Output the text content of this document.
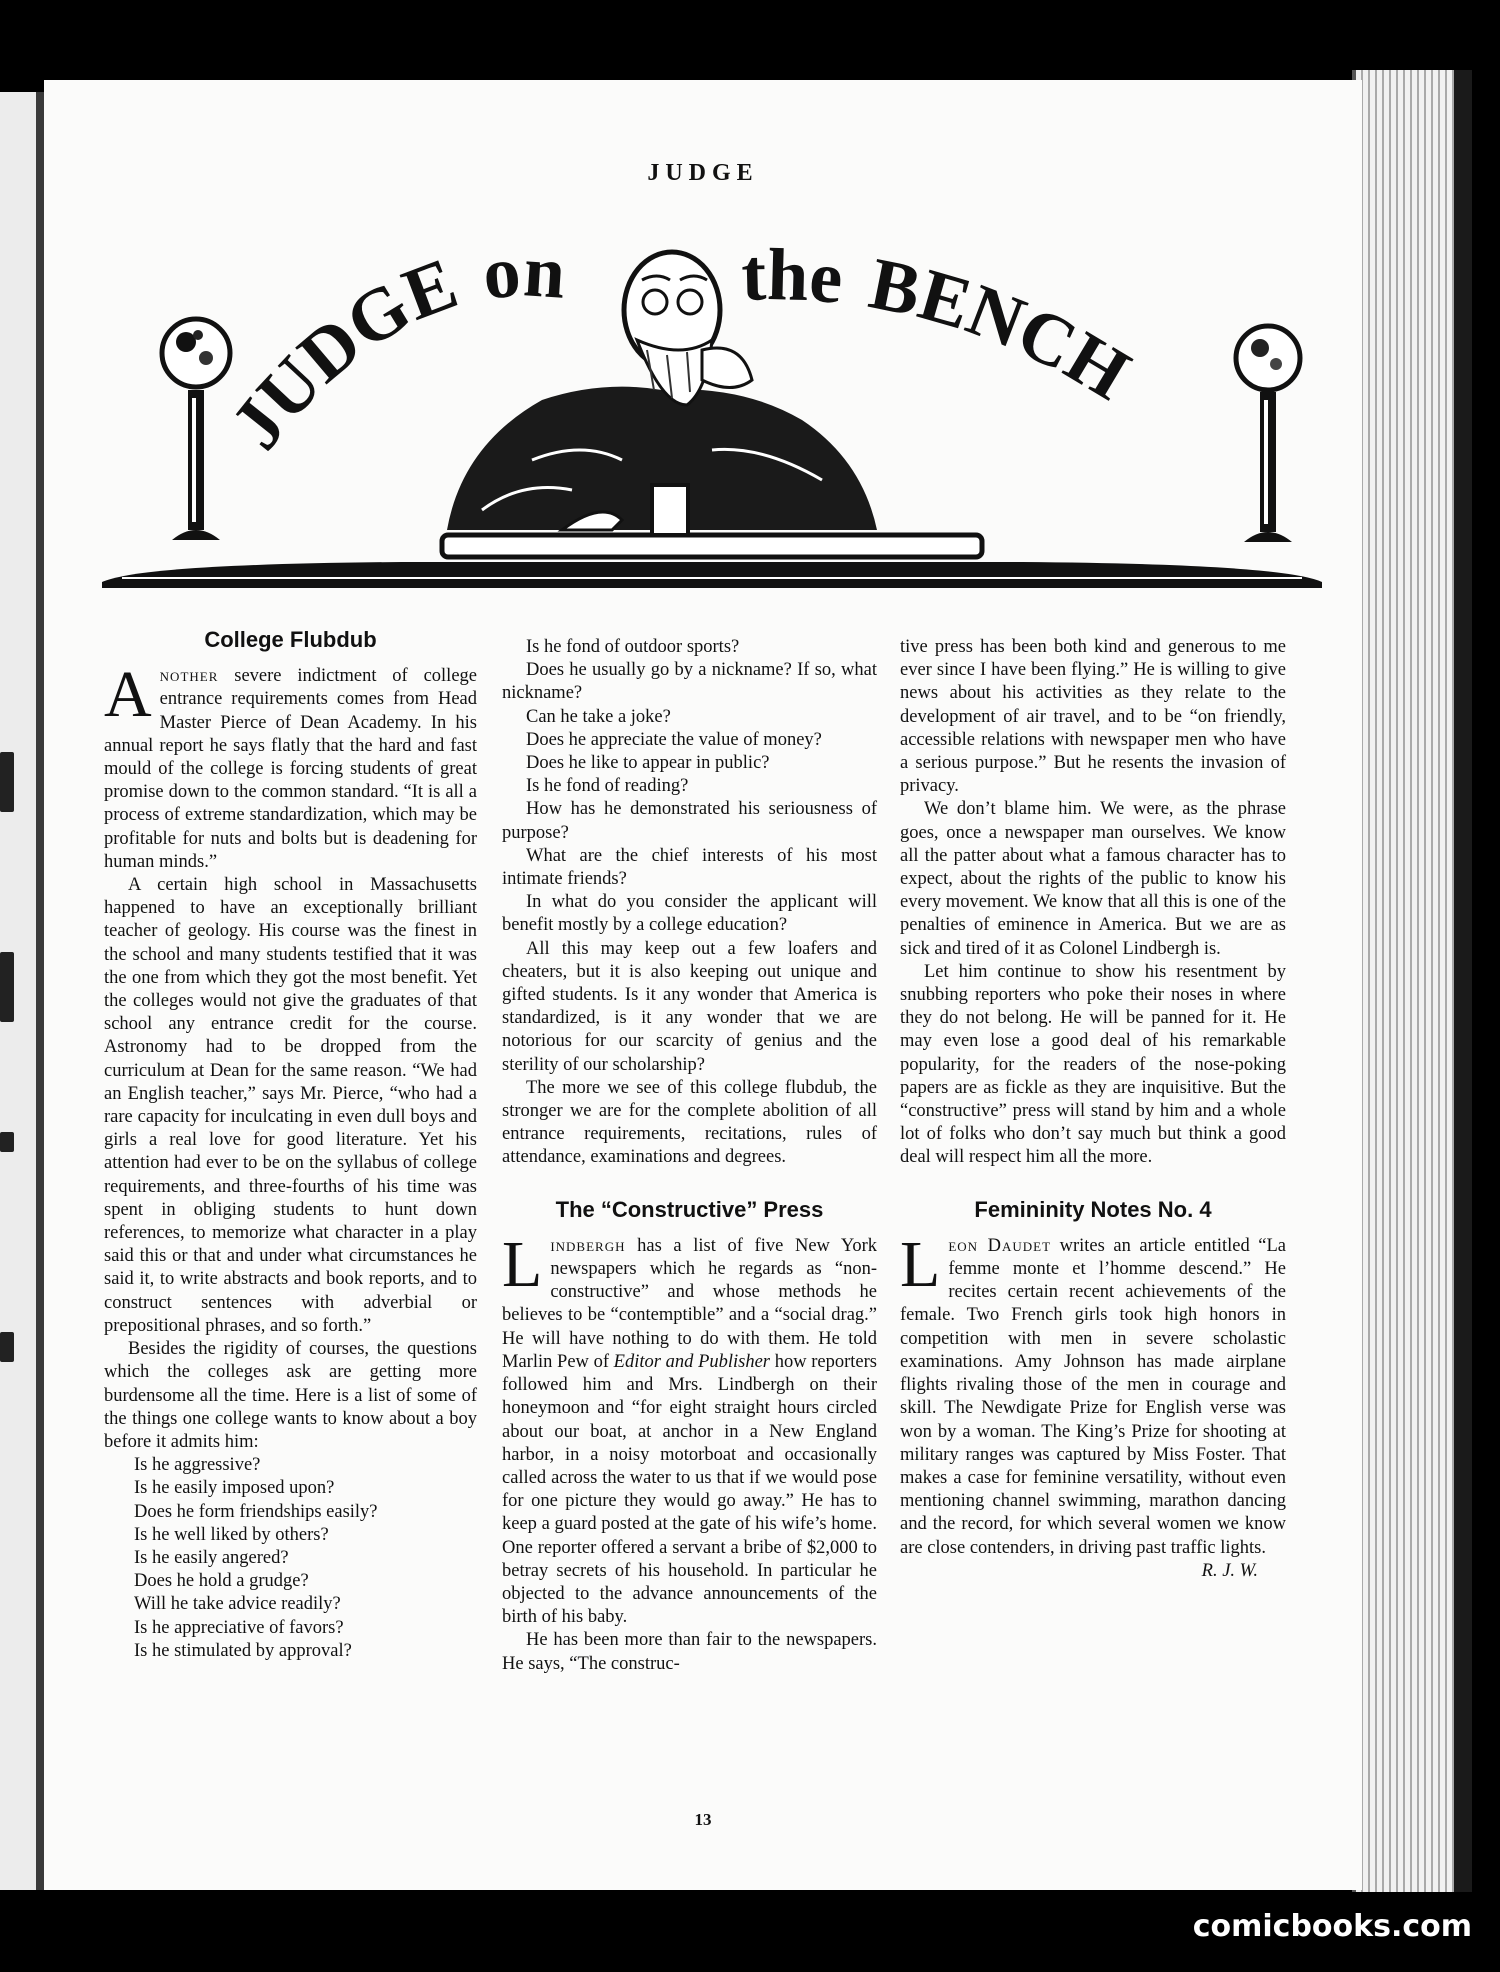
JUDGE
JUDGE on the BENCH
College Flubdub

Another severe indictment of college entrance requirements comes from Head Master Pierce of Dean Academy. In his annual report he says flatly that the hard and fast mould of the college is forcing students of great promise down to the common standard. “It is all a process of extreme standardization, which may be profitable for nuts and bolts but is deadening for human minds.”

A certain high school in Massachusetts happened to have an exceptionally brilliant teacher of geology. His course was the finest in the school and many students testified that it was the one from which they got the most benefit. Yet the colleges would not give the graduates of that school any entrance credit for the course. Astronomy had to be dropped from the curriculum at Dean for the same reason. “We had an English teacher,” says Mr. Pierce, “who had a rare capacity for inculcating in even dull boys and girls a real love for good literature. Yet his attention had ever to be on the syllabus of college requirements, and three-fourths of his time was spent in obliging students to hunt down references, to memorize what character in a play said this or that and under what circumstances he said it, to write abstracts and book reports, and to construct sentences with adverbial or prepositional phrases, and so forth.”

Besides the rigidity of courses, the questions which the colleges ask are getting more burdensome all the time. Here is a list of some of the things one college wants to know about a boy before it admits him:

Is he aggressive?
Is he easily imposed upon?
Does he form friendships easily?
Is he well liked by others?
Is he easily angered?
Does he hold a grudge?
Will he take advice readily?
Is he appreciative of favors?
Is he stimulated by approval?

Is he fond of outdoor sports?

Does he usually go by a nickname? If so, what nickname?

Can he take a joke?

Does he appreciate the value of money?

Does he like to appear in public?

Is he fond of reading?

How has he demonstrated his seriousness of purpose?

What are the chief interests of his most intimate friends?

In what do you consider the applicant will benefit mostly by a college education?

All this may keep out a few loafers and cheaters, but it is also keeping out unique and gifted students. Is it any wonder that America is standardized, is it any wonder that we are notorious for our scarcity of genius and the sterility of our scholarship?

The more we see of this college flubdub, the stronger we are for the complete abolition of all entrance requirements, recitations, rules of attendance, examinations and degrees.

The “Constructive” Press

Lindbergh has a list of five New York newspapers which he regards as “non-constructive” and whose methods he believes to be “contemptible” and a “social drag.” He will have nothing to do with them. He told Marlin Pew of Editor and Publisher how reporters followed him and Mrs. Lindbergh on their honeymoon and “for eight straight hours circled about our boat, at anchor in a New England harbor, in a noisy motorboat and occasionally called across the water to us that if we would pose for one picture they would go away.” He has to keep a guard posted at the gate of his wife’s home. One reporter offered a servant a bribe of $2,000 to betray secrets of his household. In particular he objected to the advance announcements of the birth of his baby.

He has been more than fair to the newspapers. He says, “The construc-

tive press has been both kind and generous to me ever since I have been flying.” He is willing to give news about his activities as they relate to the development of air travel, and to be “on friendly, accessible relations with newspaper men who have a serious purpose.” But he resents the invasion of privacy.

We don’t blame him. We were, as the phrase goes, once a newspaper man ourselves. We know all the patter about what a famous character has to expect, about the rights of the public to know his every movement. We know that all this is one of the penalties of eminence in America. But we are as sick and tired of it as Colonel Lindbergh is.

Let him continue to show his resentment by snubbing reporters who poke their noses in where they do not belong. He will be panned for it. He may even lose a good deal of his remarkable popularity, for the readers of the nose-poking papers are as fickle as they are inquisitive. But the “constructive” press will stand by him and a whole lot of folks who don’t say much but think a good deal will respect him all the more.

Femininity Notes No. 4

Leon Daudet writes an article entitled “La femme monte et l’homme descend.” He recites certain recent achievements of the female. Two French girls took high honors in competition with men in severe scholastic examinations. Amy Johnson has made airplane flights rivaling those of the men in courage and skill. The Newdigate Prize for English verse was won by a woman. The King’s Prize for shooting at military ranges was captured by Miss Foster. That makes a case for feminine versatility, without even mentioning channel swimming, marathon dancing and the record, for which several women we know are close contenders, in driving past traffic lights.

R. J. W.

13
comicbooks.com
